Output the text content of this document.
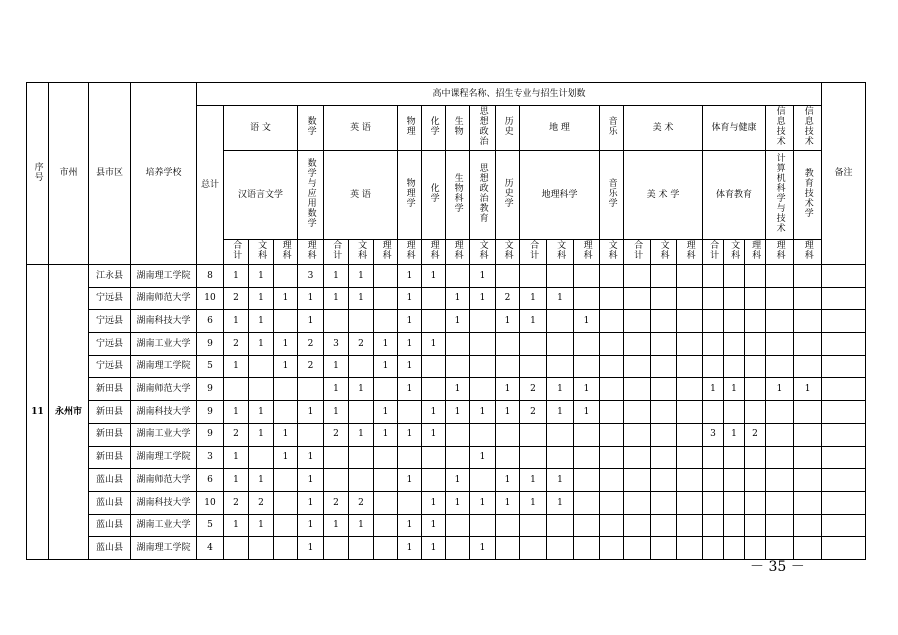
序号	市州	县市区	培养学校	高中课程名称、招生专业与招生计划数																									备注
				总计	语 文			数学	英 语			物理	化学	生物	思想政治	历史	地 理			音乐	美 术			体育与健康			信息技术	信息技术	
					汉语言文学			数学与应用数学	英 语			物理学	化学	生物科学	思想政治教育	历史学	地理科学			音乐学	美 术 学			体育教育			计算机科学与技术	教育技术学	
					合计	文科	理科	理科	合计	文科	理科	理科	理科	理科	文科	文科	合计	文科	理科	文科	合计	文科	理科	合计	文科	理科	理科	理科	
11	永州市	江永县	湖南理工学院	8	1	1		3	1	1		1	1		1														
		宁远县	湖南师范大学	10	2	1	1	1	1	1		1		1	1	2	1	1											
		宁远县	湖南科技大学	6	1	1		1				1		1		1	1		1										
		宁远县	湖南工业大学	9	2	1	1	2	3	2	1	1	1																
		宁远县	湖南理工学院	5	1		1	2	1		1	1																	
		新田县	湖南师范大学	9					1	1		1		1		1	2	1	1					1	1		1	1	
		新田县	湖南科技大学	9	1	1		1	1		1		1	1	1	1	2	1	1										
		新田县	湖南工业大学	9	2	1	1		2	1	1	1	1											3	1	2			
		新田县	湖南理工学院	3	1		1	1							1														
		蓝山县	湖南师范大学	6	1	1		1				1		1		1	1	1											
		蓝山县	湖南科技大学	10	2	2		1	2	2			1	1	1	1	1	1											
		蓝山县	湖南工业大学	5	1	1		1	1	1		1	1																
		蓝山县	湖南理工学院	4				1				1	1		1														
－ 35 －
